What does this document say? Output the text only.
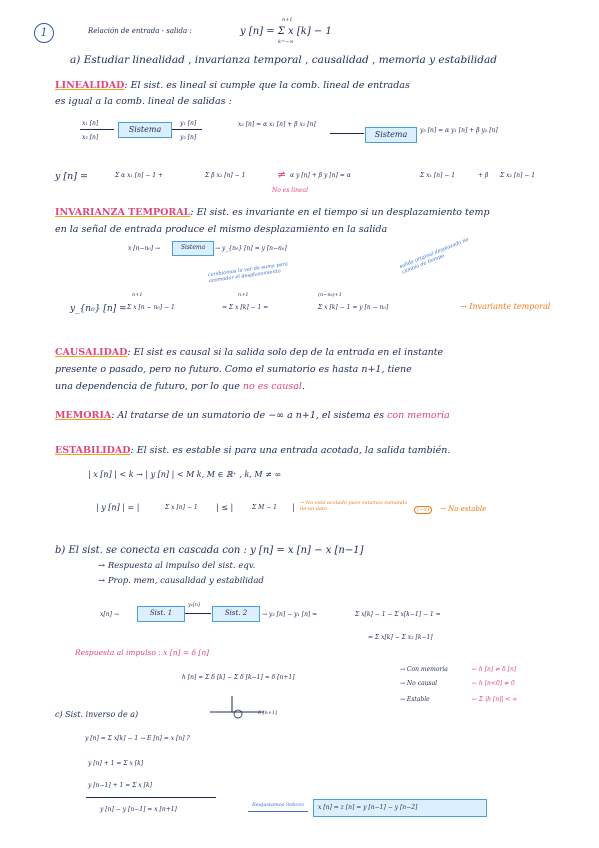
1	Relación de entrada - salida :	y [n] = Σ x [k] − 1
n+1
k=−∞
a) Estudiar linealidad , invarianza temporal , causalidad , memoria y estabilidad
LINEALIDAD: El sist. es lineal si cumple que la comb. lineal de entradas
es igual a la comb. lineal de salidas :
x₁ [n]
x₂ [n]
Sistema
y₁ [n]
y₂ [n]
x₃ [n] = α x₁ [n] + β x₂ [n]
Sistema	y₃ [n] = α y₁ [n] + β y₂ [n]
y [n] =	Σ α x₁ [n] − 1 +	Σ β x₂ [n] − 1	≠ α y [n] + β y [n] = α	Σ x₁ [n] − 1	+ β Σ x₂ [n] − 1
No es lineal
INVARIANZA TEMPORAL: El sist. es invariante en el tiempo si un desplazamiento temp
en la señal de entrada produce el mismo desplazamiento en la salida
x [n−n₀] →	Sistema	→ y_{n₀} [n] = y [n−n₀]
cambiamos la var de suma para acomodar el desplazamiento
salida original desplazada no cambia de tiempo
y_{n₀} [n] =
n+1
Σ x [n − n₀] − 1
n+1
= Σ x [k] − 1 =
(n−n₀)+1
Σ x [k] − 1 = y [n − n₀]	→ Invariante temporal
CAUSALIDAD: El sist es causal si la salida solo dep de la entrada en el instante
presente o pasado, pero no futuro. Como el sumatorio es hasta n+1, tiene
una dependencia de futuro, por lo que no es causal.
MEMORIA: Al tratarse de un sumatorio de −∞ a n+1, el sistema es con memoria
ESTABILIDAD: El sist. es estable si para una entrada acotada, la salida también.
| x [n] | < k → | y [n] | < M k, M ∈ ℝ⁺ , k, M ≠ ∞
| y [n] | = |	Σ x [n] − 1 | ≤ |	Σ M − 1 | → No está acotado pues estamos sumando de un dato	(−∞)	→ No estable
b) El sist. se conecta en cascada con : y [n] = x [n] − x [n−1]
→ Respuesta al impulso del sist. eqv.
→ Prop. mem, causalidad y estabilidad
x[n] →	Sist. 1
y₁[n]
Sist. 2	→ y₂ [n] − y₁ [n] =	Σ x[k] − 1 − Σ x[k−1] − 1 =
= Σ x[k] − Σ x₂ [k−1]
Respuesta al impulso : x [n] = δ [n]
h [n] = Σ δ [k] − Σ δ [k−1] = δ [n+1]
δ [n+1]
→ Con memoria	← h [n] ≠ δ [n]
→ No causal	← h [n<0] ≠ 0
→ Estable	← Σ |h [n]| < ∞
c) Sist. inverso de a)
y [n] = Σ x[k] − 1 → E [n] = x [n] ?
y [n] + 1 = Σ x [k]
y [n−1] + 1 = Σ x [k]
y [n] − y [n−1] = x [n+1]
Reajustamos índices x [n] = z [n] = y [n−1] − y [n−2]
